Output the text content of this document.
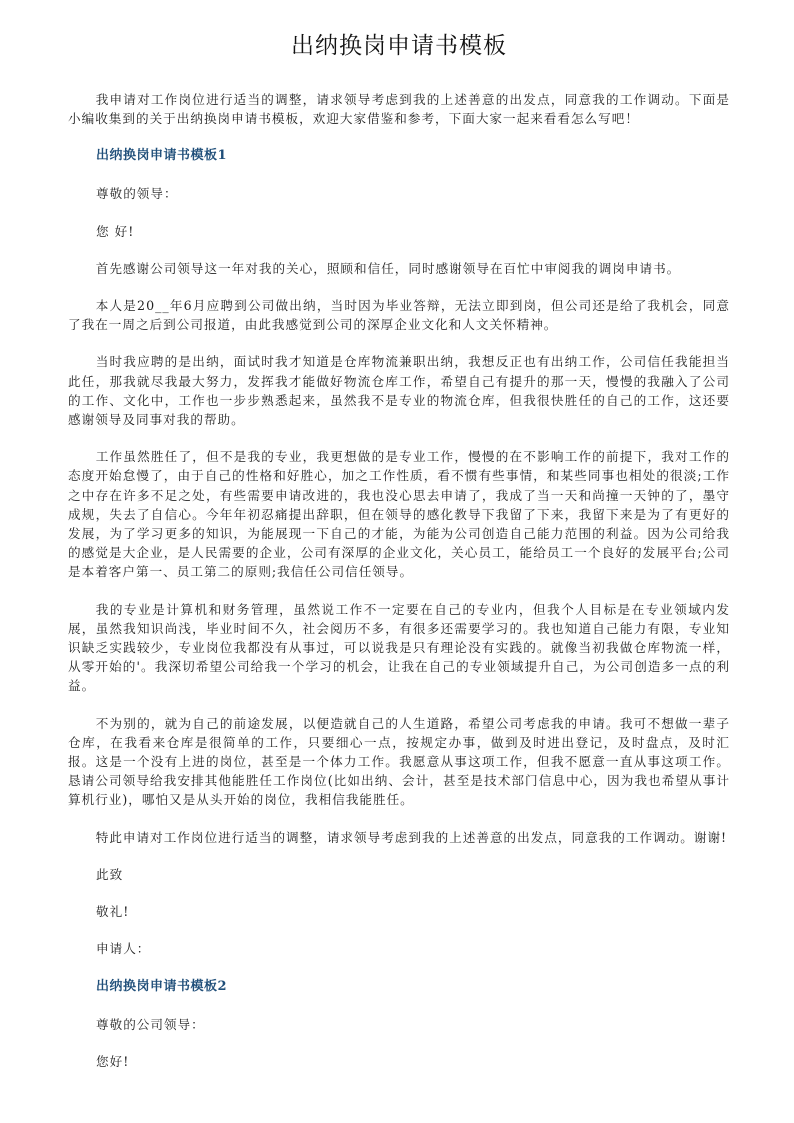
出纳换岗申请书模板

我申请对工作岗位进行适当的调整，请求领导考虑到我的上述善意的出发点，同意我的工作调动。下面是小编收集到的关于出纳换岗申请书模板，欢迎大家借鉴和参考，下面大家一起来看看怎么写吧！

出纳换岗申请书模板1

尊敬的领导：

您 好!

首先感谢公司领导这一年对我的关心，照顾和信任，同时感谢领导在百忙中审阅我的调岗申请书。

本人是20__年6月应聘到公司做出纳，当时因为毕业答辩，无法立即到岗，但公司还是给了我机会，同意了我在一周之后到公司报道，由此我感觉到公司的深厚企业文化和人文关怀精神。

当时我应聘的是出纳，面试时我才知道是仓库物流兼职出纳，我想反正也有出纳工作，公司信任我能担当此任，那我就尽我最大努力，发挥我才能做好物流仓库工作，希望自己有提升的那一天，慢慢的我融入了公司的工作、文化中，工作也一步步熟悉起来，虽然我不是专业的物流仓库，但我很快胜任的自己的工作，这还要感谢领导及同事对我的帮助。

工作虽然胜任了，但不是我的专业，我更想做的是专业工作，慢慢的在不影响工作的前提下，我对工作的态度开始怠慢了，由于自己的性格和好胜心，加之工作性质，看不惯有些事情，和某些同事也相处的很淡;工作之中存在许多不足之处，有些需要申请改进的，我也没心思去申请了，我成了当一天和尚撞一天钟的了，墨守成规，失去了自信心。今年年初忍痛提出辞职，但在领导的感化教导下我留了下来，我留下来是为了有更好的发展，为了学习更多的知识，为能展现一下自己的才能，为能为公司创造自己能力范围的利益。因为公司给我的感觉是大企业，是人民需要的企业，公司有深厚的企业文化，关心员工，能给员工一个良好的发展平台;公司是本着客户第一、员工第二的原则;我信任公司信任领导。

我的专业是计算机和财务管理，虽然说工作不一定要在自己的专业内，但我个人目标是在专业领域内发展，虽然我知识尚浅，毕业时间不久，社会阅历不多，有很多还需要学习的。我也知道自己能力有限，专业知识缺乏实践较少，专业岗位我都没有从事过，可以说我是只有理论没有实践的。就像当初我做仓库物流一样，从零开始的'。我深切希望公司给我一个学习的机会，让我在自己的专业领域提升自己，为公司创造多一点的利益。

不为别的，就为自己的前途发展，以便造就自己的人生道路，希望公司考虑我的申请。我可不想做一辈子仓库，在我看来仓库是很简单的工作，只要细心一点，按规定办事，做到及时进出登记，及时盘点，及时汇报。这是一个没有上进的岗位，甚至是一个体力工作。我愿意从事这项工作，但我不愿意一直从事这项工作。恳请公司领导给我安排其他能胜任工作岗位(比如出纳、会计，甚至是技术部门信息中心，因为我也希望从事计算机行业)，哪怕又是从头开始的岗位，我相信我能胜任。

特此申请对工作岗位进行适当的调整，请求领导考虑到我的上述善意的出发点，同意我的工作调动。谢谢!

此致

敬礼!

申请人：

出纳换岗申请书模板2

尊敬的公司领导：

您好!
